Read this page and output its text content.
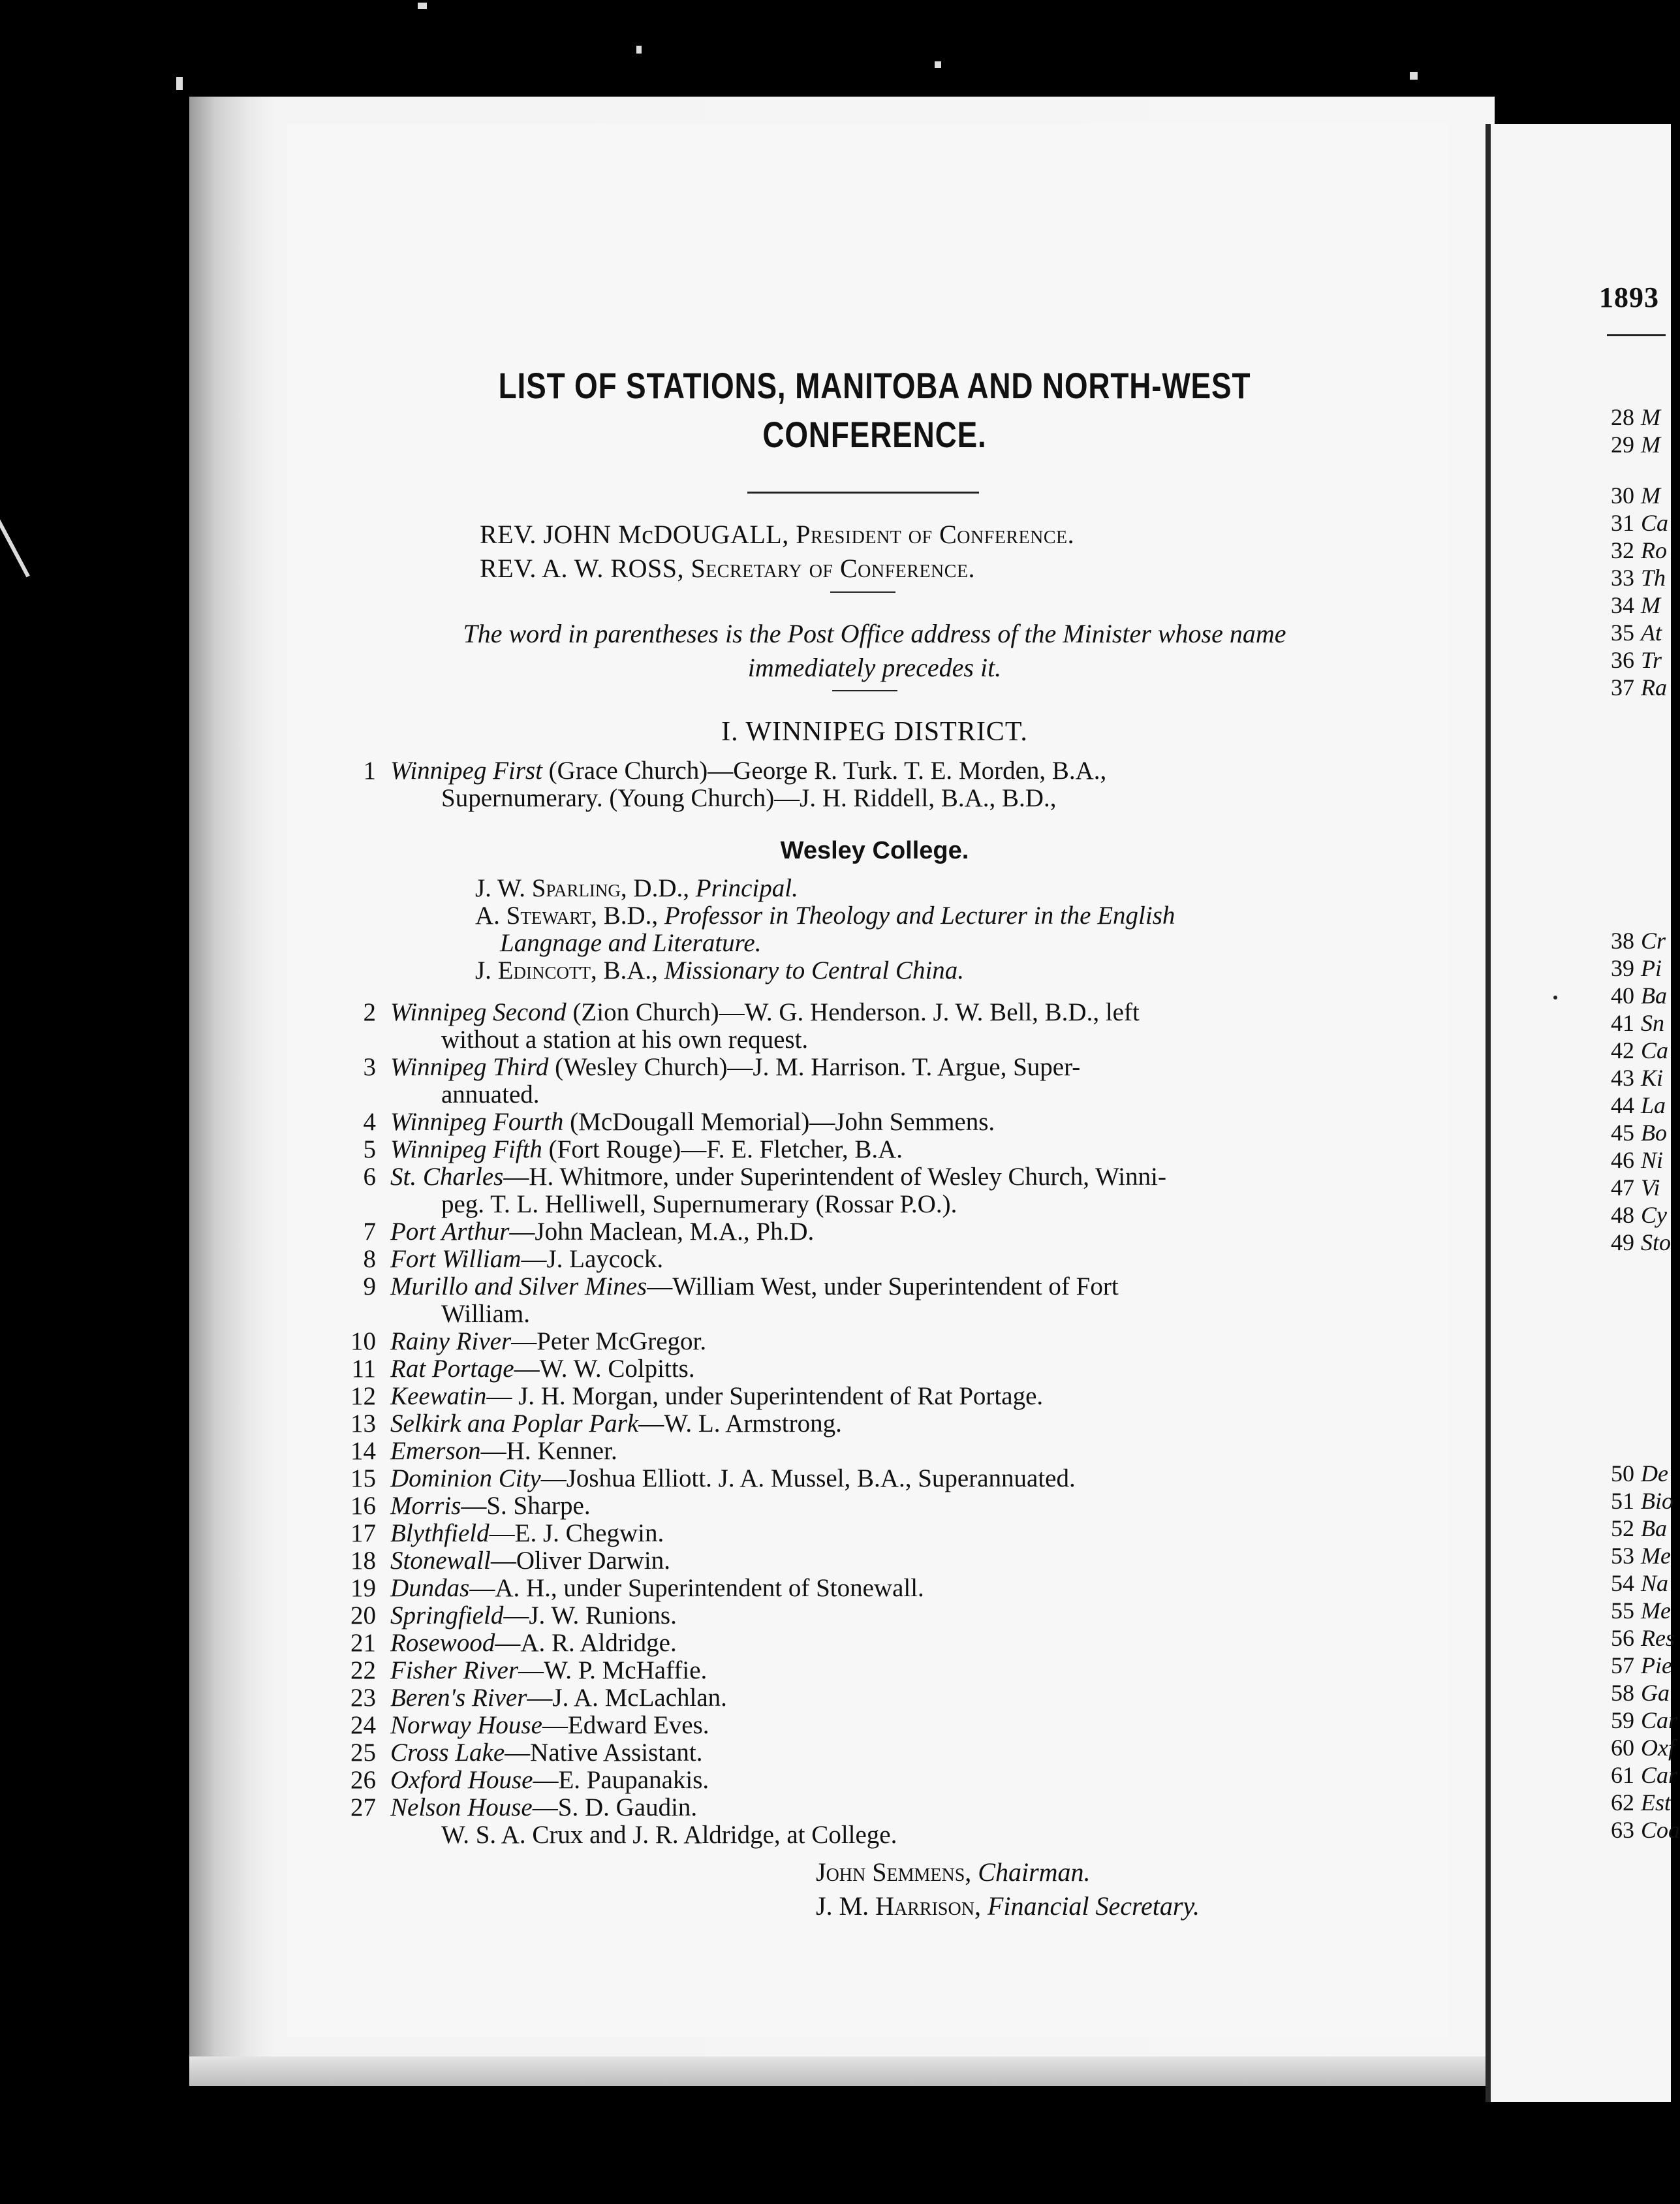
LIST OF STATIONS, MANITOBA AND NORTH-WEST
CONFERENCE.
REV. JOHN McDOUGALL, President of Conference.
REV. A. W. ROSS, Secretary of Conference.
The word in parentheses is the Post Office address of the Minister whose name
immediately precedes it.
I. WINNIPEG DISTRICT.
1 Winnipeg First (Grace Church)—George R. Turk. T. E. Morden, B.A.,
Supernumerary. (Young Church)—J. H. Riddell, B.A., B.D.,
Wesley College.
J. W. Sparling, D.D., Principal.
A. Stewart, B.D., Professor in Theology and Lecturer in the English
Langnage and Literature.
J. Edincott, B.A., Missionary to Central China.
2 Winnipeg Second (Zion Church)—W. G. Henderson. J. W. Bell, B.D., left
without a station at his own request.
3 Winnipeg Third (Wesley Church)—J. M. Harrison. T. Argue, Super-
annuated.
4 Winnipeg Fourth (McDougall Memorial)—John Semmens.
5 Winnipeg Fifth (Fort Rouge)—F. E. Fletcher, B.A.
6 St. Charles—H. Whitmore, under Superintendent of Wesley Church, Winni-
peg. T. L. Helliwell, Supernumerary (Rossar P.O.).
7 Port Arthur—John Maclean, M.A., Ph.D.
8 Fort William—J. Laycock.
9 Murillo and Silver Mines—William West, under Superintendent of Fort
William.
10 Rainy River—Peter McGregor.
11 Rat Portage—W. W. Colpitts.
12 Keewatin— J. H. Morgan, under Superintendent of Rat Portage.
13 Selkirk ana Poplar Park—W. L. Armstrong.
14 Emerson—H. Kenner.
15 Dominion City—Joshua Elliott. J. A. Mussel, B.A., Superannuated.
16 Morris—S. Sharpe.
17 Blythfield—E. J. Chegwin.
18 Stonewall—Oliver Darwin.
19 Dundas—A. H., under Superintendent of Stonewall.
20 Springfield—J. W. Runions.
21 Rosewood—A. R. Aldridge.
22 Fisher River—W. P. McHaffie.
23 Beren's River—J. A. McLachlan.
24 Norway House—Edward Eves.
25 Cross Lake—Native Assistant.
26 Oxford House—E. Paupanakis.
27 Nelson House—S. D. Gaudin.
W. S. A. Crux and J. R. Aldridge, at College.
John Semmens, Chairman.
J. M. Harrison, Financial Secretary.
1893
28 M
29 M
30 M
31 Ca
32 Ro
33 Th
34 M
35 At
36 Tr
37 Ra
38 Cr
39 Pi
40 Ba
41 Sn
42 Ca
43 Ki
44 La
45 Bo
46 Ni
47 Vi
48 Cy
49 Sto
50 De
51 Bio
52 Ba
53 Me
54 Na
55 Me
56 Res
57 Pie
58 Ga
59 Car
60 Oxf
61 Car
62 Est
63 Coa
